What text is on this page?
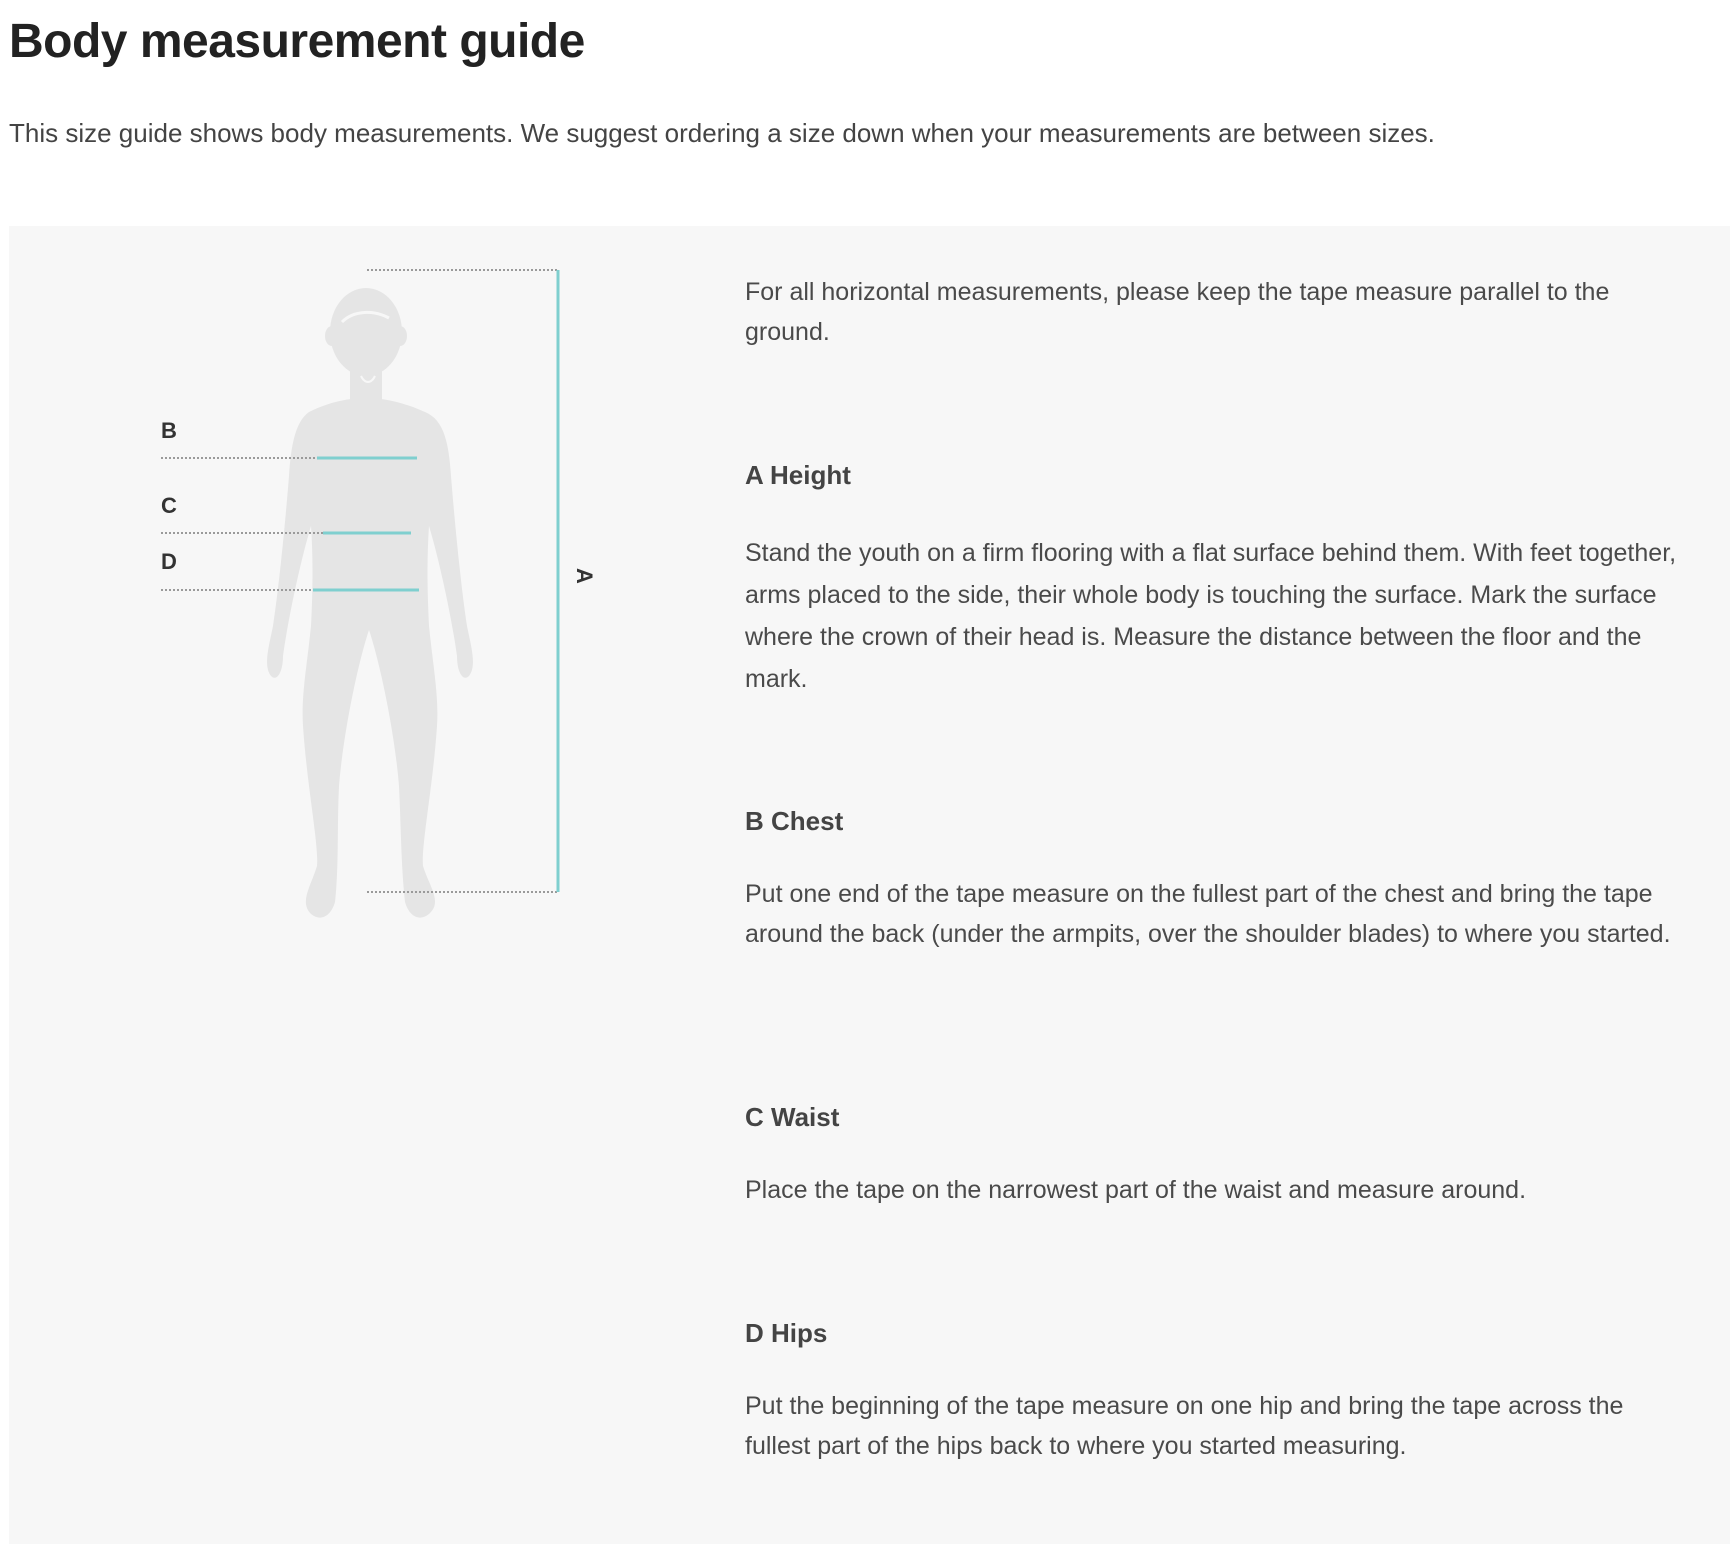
Body measurement guide

This size guide shows body measurements. We suggest ordering a size down when your measurements are between sizes.

A
B
C
D

For all horizontal measurements, please keep the tape measure parallel to the ground.

A Height

Stand the youth on a firm flooring with a flat surface behind them. With feet together, arms placed to the side, their whole body is touching the surface. Mark the surface where the crown of their head is. Measure the distance between the floor and the mark.

B Chest

Put one end of the tape measure on the fullest part of the chest and bring the tape around the back (under the armpits, over the shoulder blades) to where you started.

C Waist

Place the tape on the narrowest part of the waist and measure around.

D Hips

Put the beginning of the tape measure on one hip and bring the tape across the fullest part of the hips back to where you started measuring.
